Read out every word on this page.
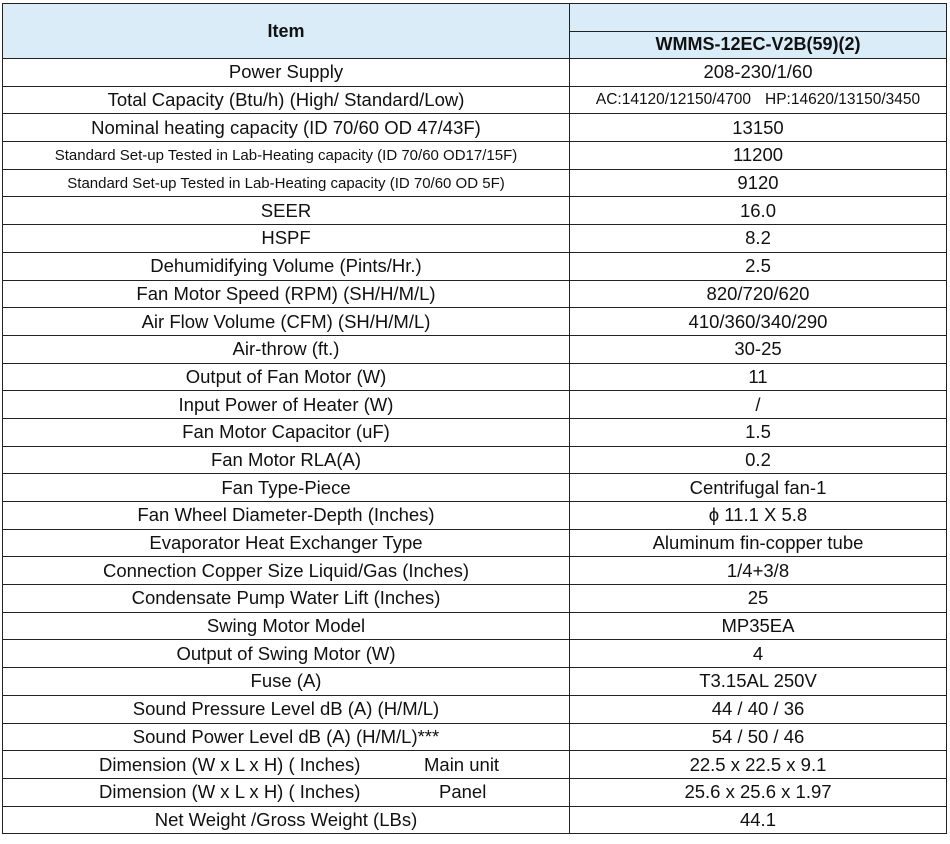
Item	
	WMMS-12EC-V2B(59)(2)
Power Supply	208-230/1/60
Total Capacity (Btu/h) (High/ Standard/Low)	AC:14120/12150/4700 HP:14620/13150/3450
Nominal heating capacity (ID 70/60 OD 47/43F)	13150
Standard Set-up Tested in Lab-Heating capacity (ID 70/60 OD17/15F)	11200
Standard Set-up Tested in Lab-Heating capacity (ID 70/60 OD 5F)	9120
SEER	16.0
HSPF	8.2
Dehumidifying Volume (Pints/Hr.)	2.5
Fan Motor Speed (RPM) (SH/H/M/L)	820/720/620
Air Flow Volume (CFM) (SH/H/M/L)	410/360/340/290
Air-throw (ft.)	30-25
Output of Fan Motor (W)	11
Input Power of Heater (W)	/
Fan Motor Capacitor (uF)	1.5
Fan Motor RLA(A)	0.2
Fan Type-Piece	Centrifugal fan-1
Fan Wheel Diameter-Depth (Inches)	ϕ 11.1 X 5.8
Evaporator Heat Exchanger Type	Aluminum fin-copper tube
Connection Copper Size Liquid/Gas (Inches)	1/4+3/8
Condensate Pump Water Lift (Inches)	25
Swing Motor Model	MP35EA
Output of Swing Motor (W)	4
Fuse (A)	T3.15AL 250V
Sound Pressure Level dB (A) (H/M/L)	44 / 40 / 36
Sound Power Level dB (A) (H/M/L)***	54 / 50 / 46

Dimension (W x L x H) ( Inches) Main unit	22.5 x 22.5 x 9.1

Dimension (W x L x H) ( Inches) Panel	25.6 x 25.6 x 1.97
Net Weight /Gross Weight (LBs)	44.1
